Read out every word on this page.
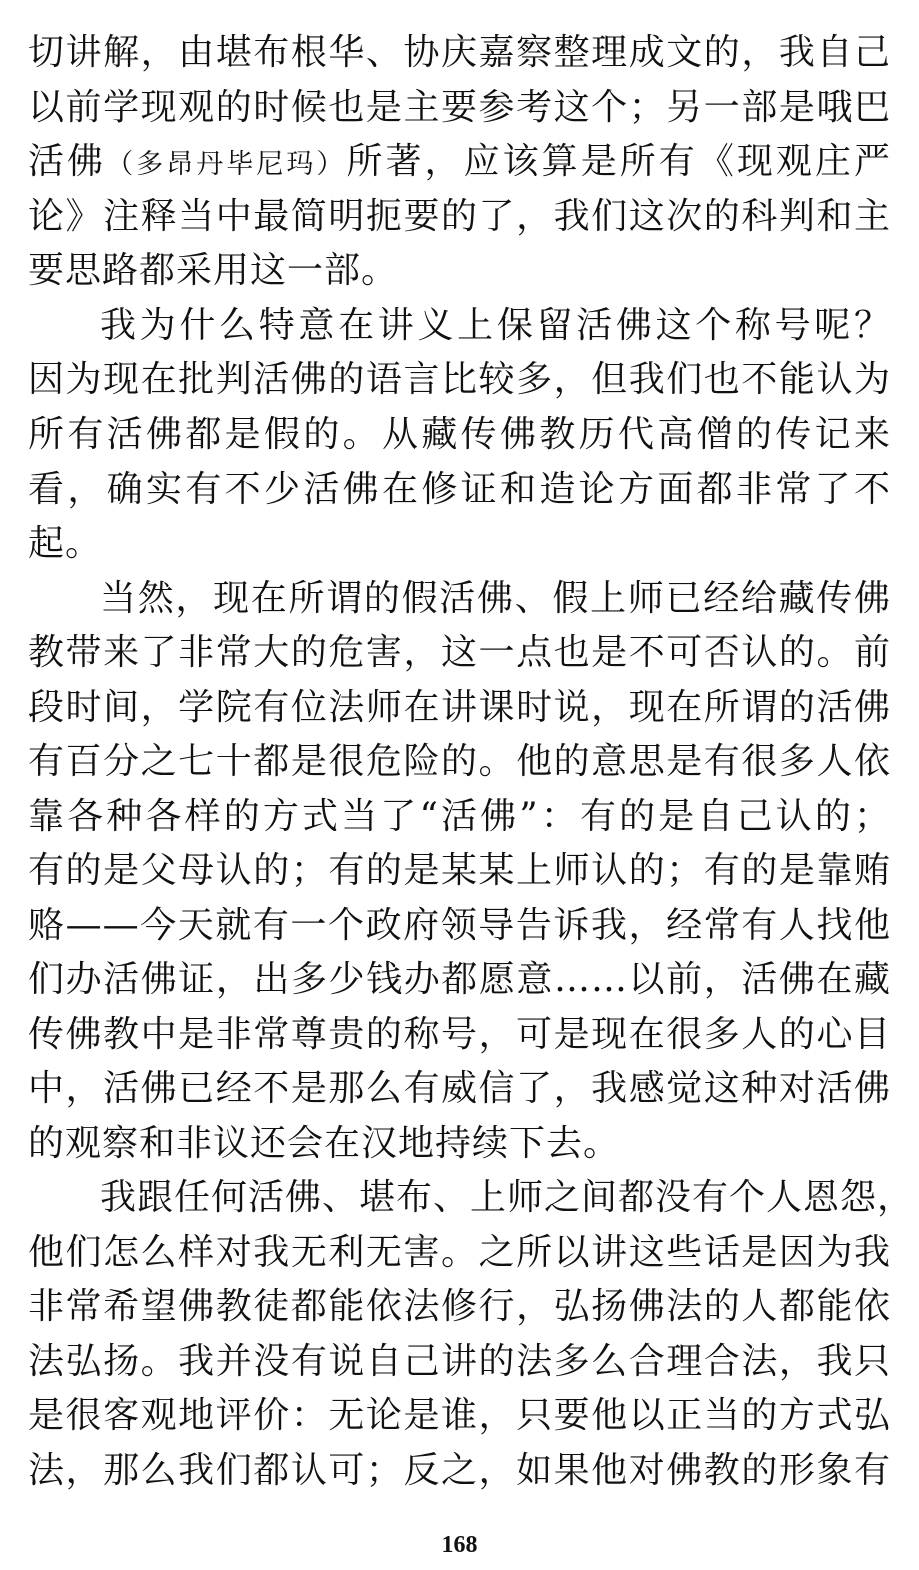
切讲解，由堪布根华、协庆嘉察整理成文的，我自己
以前学现观的时候也是主要参考这个；另一部是哦巴
活佛（多昂丹毕尼玛）所著，应该算是所有《现观庄严
论》注释当中最简明扼要的了，我们这次的科判和主
要思路都采用这一部。
我为什么特意在讲义上保留活佛这个称号呢？
因为现在批判活佛的语言比较多，但我们也不能认为
所有活佛都是假的。从藏传佛教历代高僧的传记来
看，确实有不少活佛在修证和造论方面都非常了不
起。
当然，现在所谓的假活佛、假上师已经给藏传佛
教带来了非常大的危害，这一点也是不可否认的。前
段时间，学院有位法师在讲课时说，现在所谓的活佛
有百分之七十都是很危险的。他的意思是有很多人依
靠各种各样的方式当了“活佛”：有的是自己认的；
有的是父母认的；有的是某某上师认的；有的是靠贿
赂——今天就有一个政府领导告诉我，经常有人找他
们办活佛证，出多少钱办都愿意……以前，活佛在藏
传佛教中是非常尊贵的称号，可是现在很多人的心目
中，活佛已经不是那么有威信了，我感觉这种对活佛
的观察和非议还会在汉地持续下去。
我跟任何活佛、堪布、上师之间都没有个人恩怨，
他们怎么样对我无利无害。之所以讲这些话是因为我
非常希望佛教徒都能依法修行，弘扬佛法的人都能依
法弘扬。我并没有说自己讲的法多么合理合法，我只
是很客观地评价：无论是谁，只要他以正当的方式弘
法，那么我们都认可；反之，如果他对佛教的形象有
168
